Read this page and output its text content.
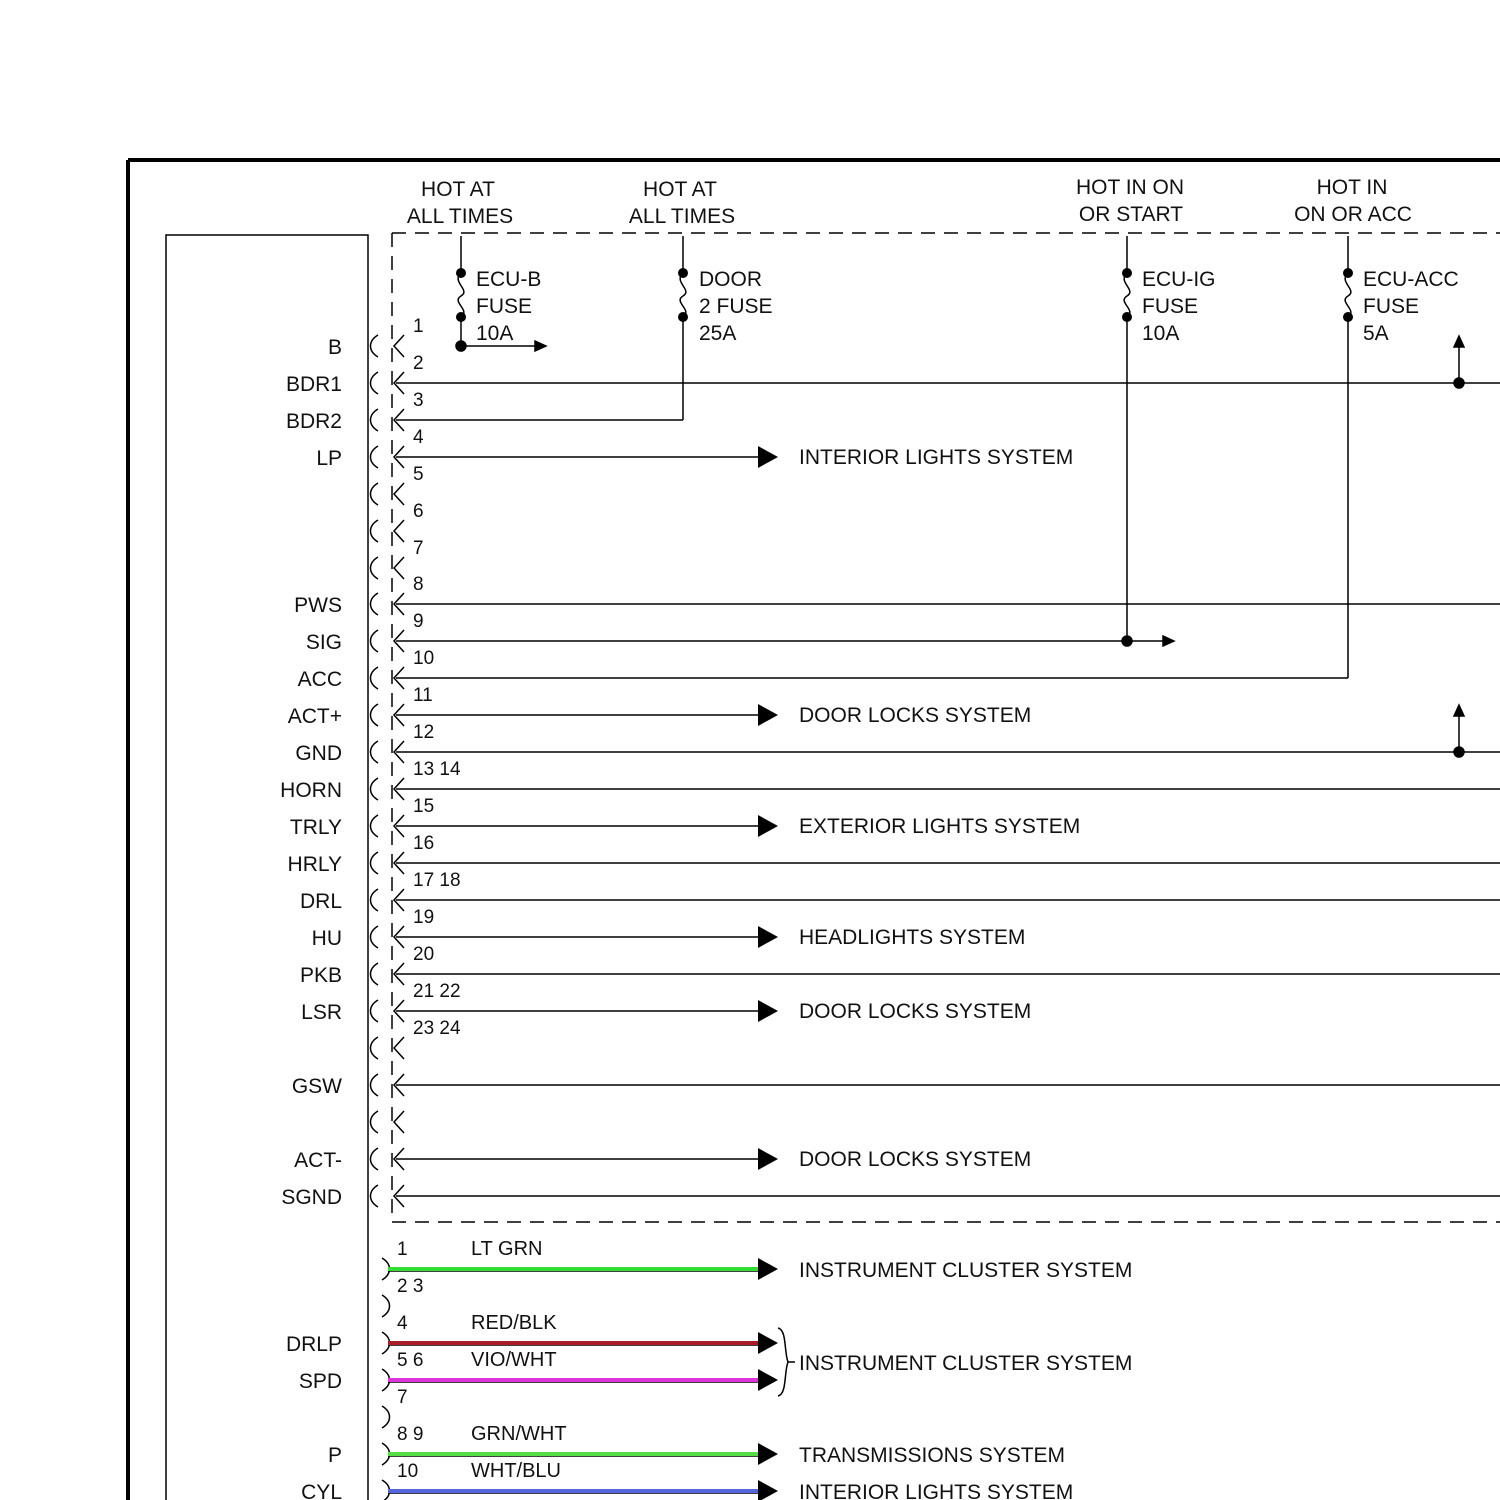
HOT AT
ALL TIMES
HOT AT
ALL TIMES
HOT IN ON
OR START
HOT IN
ON OR ACC
ECU-B
FUSE
10A
DOOR
2 FUSE
25A
ECU-IG
FUSE
10A
ECU-ACC
FUSE
5A
B
1
BDR1
2
BDR2
3
LP
4
INTERIOR LIGHTS SYSTEM
5
6
7
PWS
8
SIG
9
ACC
10
ACT+
11
DOOR LOCKS SYSTEM
GND
12
HORN
13 14
TRLY
15
EXTERIOR LIGHTS SYSTEM
HRLY
16
DRL
17 18
HU
19
HEADLIGHTS SYSTEM
PKB
20
LSR
21 22
DOOR LOCKS SYSTEM
23 24
GSW
ACT-	DOOR LOCKS SYSTEM
SGND
1	LT GRN
INSTRUMENT CLUSTER SYSTEM
2 3
DRLP
4	RED/BLK
SPD
5 6 VIO/WHT
7
P
8 9 GRN/WHT
TRANSMISSIONS SYSTEM
CYL
10	WHT/BLU
INTERIOR LIGHTS SYSTEM
INSTRUMENT CLUSTER SYSTEM
